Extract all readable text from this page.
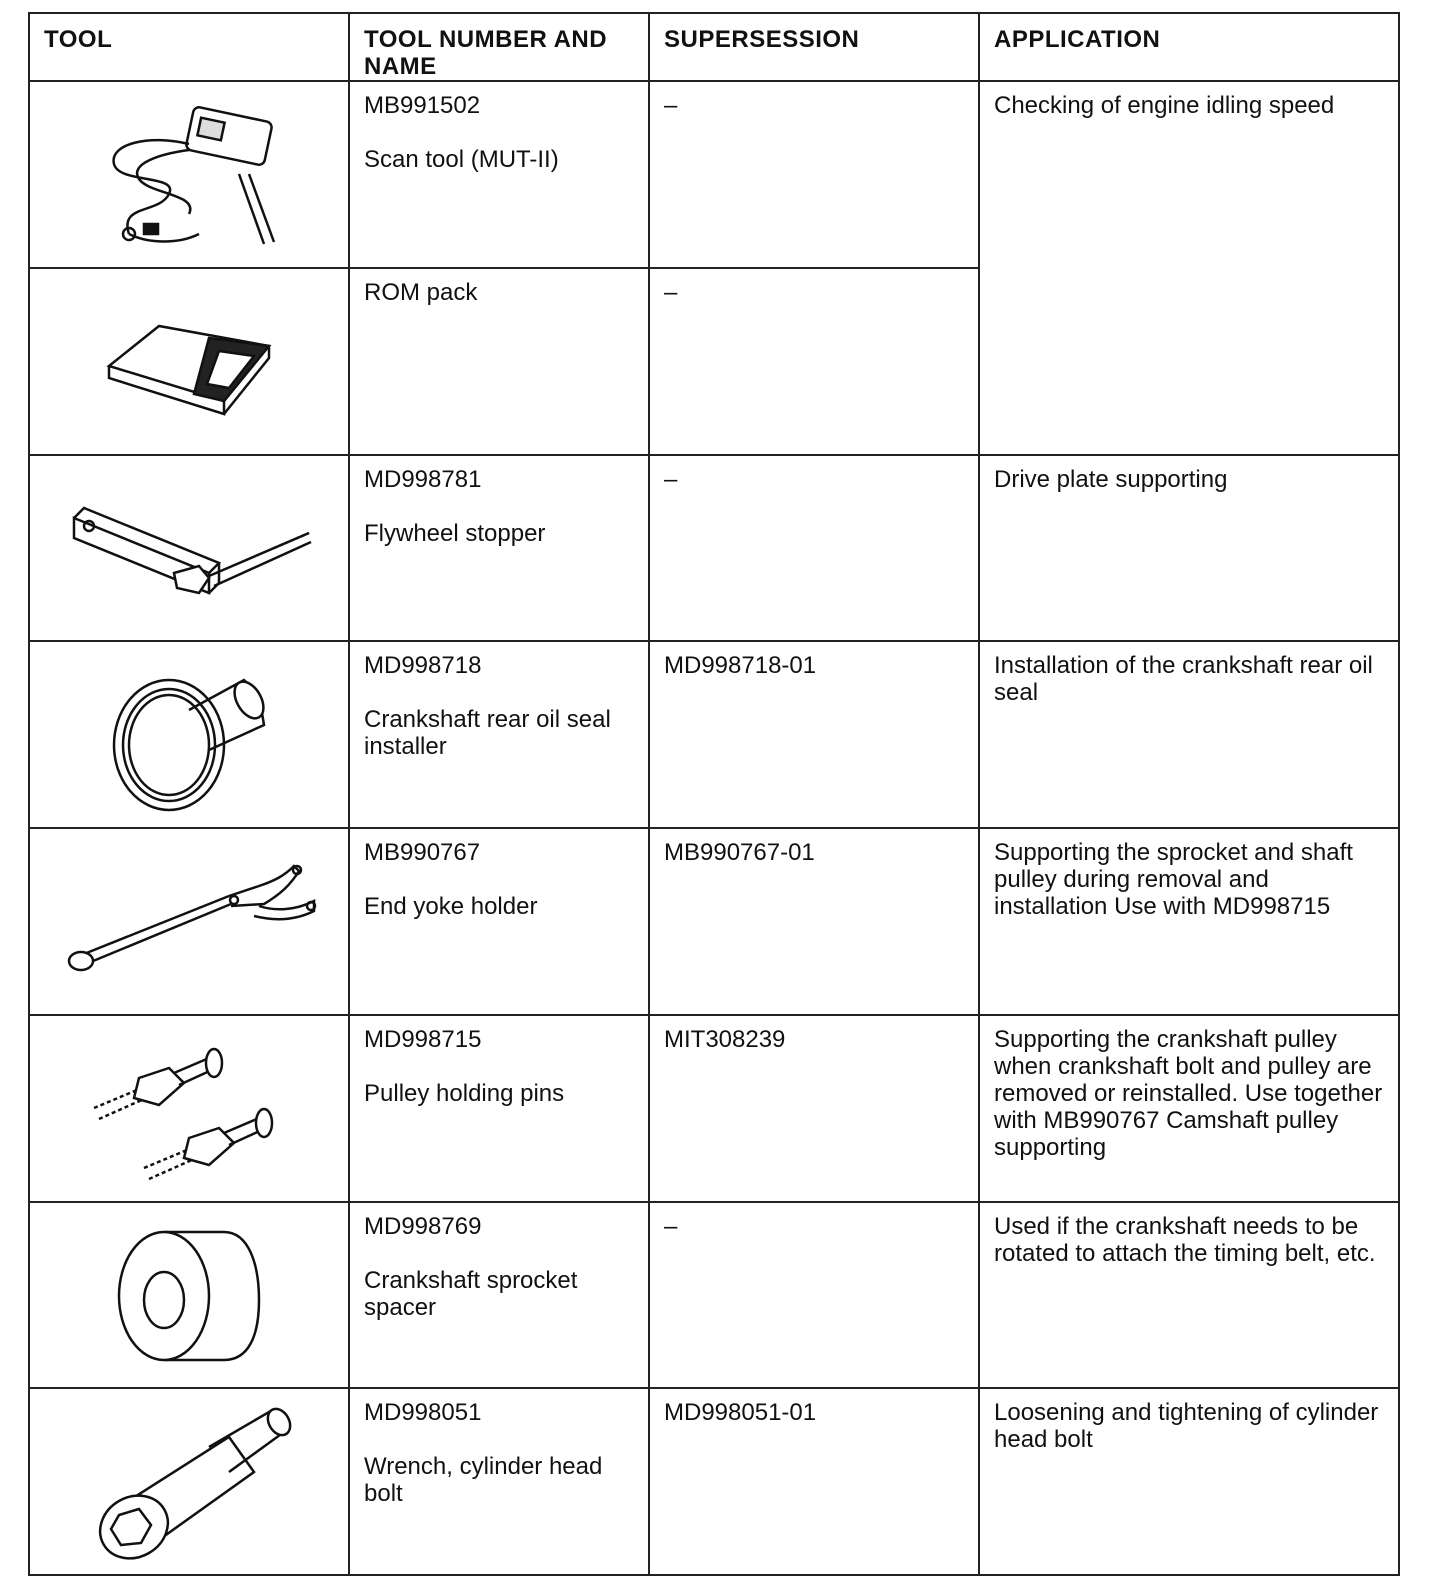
TOOL	TOOL NUMBER AND NAME	SUPERSESSION	APPLICATION

MB991502
Scan tool (MUT-II)	–	Checking of engine idling speed

ROM pack	–	

MD998781
Flywheel stopper	–	Drive plate supporting

MD998718
Crankshaft rear oil seal installer	MD998718-01	Installation of the crankshaft rear oil seal

MB990767
End yoke holder	MB990767-01	Supporting the sprocket and shaft pulley during removal and installation Use with MD998715

MD998715
Pulley holding pins	MIT308239	Supporting the crankshaft pulley when crankshaft bolt and pulley are removed or reinstalled. Use together with MB990767 Camshaft pulley supporting

MD998769
Crankshaft sprocket spacer	–	Used if the crankshaft needs to be rotated to attach the timing belt, etc.

MD998051
Wrench, cylinder head bolt	MD998051-01	Loosening and tightening of cylinder head bolt
